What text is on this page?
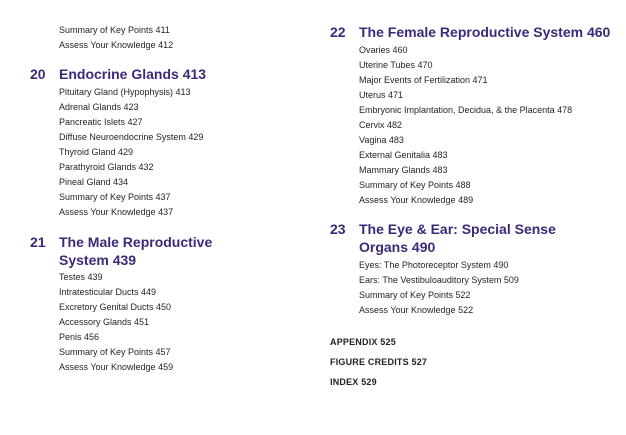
Summary of Key Points 411
Assess Your Knowledge 412
20 Endocrine Glands 413
Pituitary Gland (Hypophysis) 413
Adrenal Glands 423
Pancreatic Islets 427
Diffuse Neuroendocrine System 429
Thyroid Gland 429
Parathyroid Glands 432
Pineal Gland 434
Summary of Key Points 437
Assess Your Knowledge 437
21 The Male Reproductive
System 439
Testes 439
Intratesticular Ducts 449
Excretory Genital Ducts 450
Accessory Glands 451
Penis 456
Summary of Key Points 457
Assess Your Knowledge 459
22 The Female Reproductive System 460
Ovaries 460
Uterine Tubes 470
Major Events of Fertilization 471
Uterus 471
Embryonic Implantation, Decidua, & the Placenta 478
Cervix 482
Vagina 483
External Genitalia 483
Mammary Glands 483
Summary of Key Points 488
Assess Your Knowledge 489
23 The Eye & Ear: Special Sense
Organs 490
Eyes: The Photoreceptor System 490
Ears: The Vestibuloauditory System 509
Summary of Key Points 522
Assess Your Knowledge 522
APPENDIX 525
FIGURE CREDITS 527
INDEX 529
